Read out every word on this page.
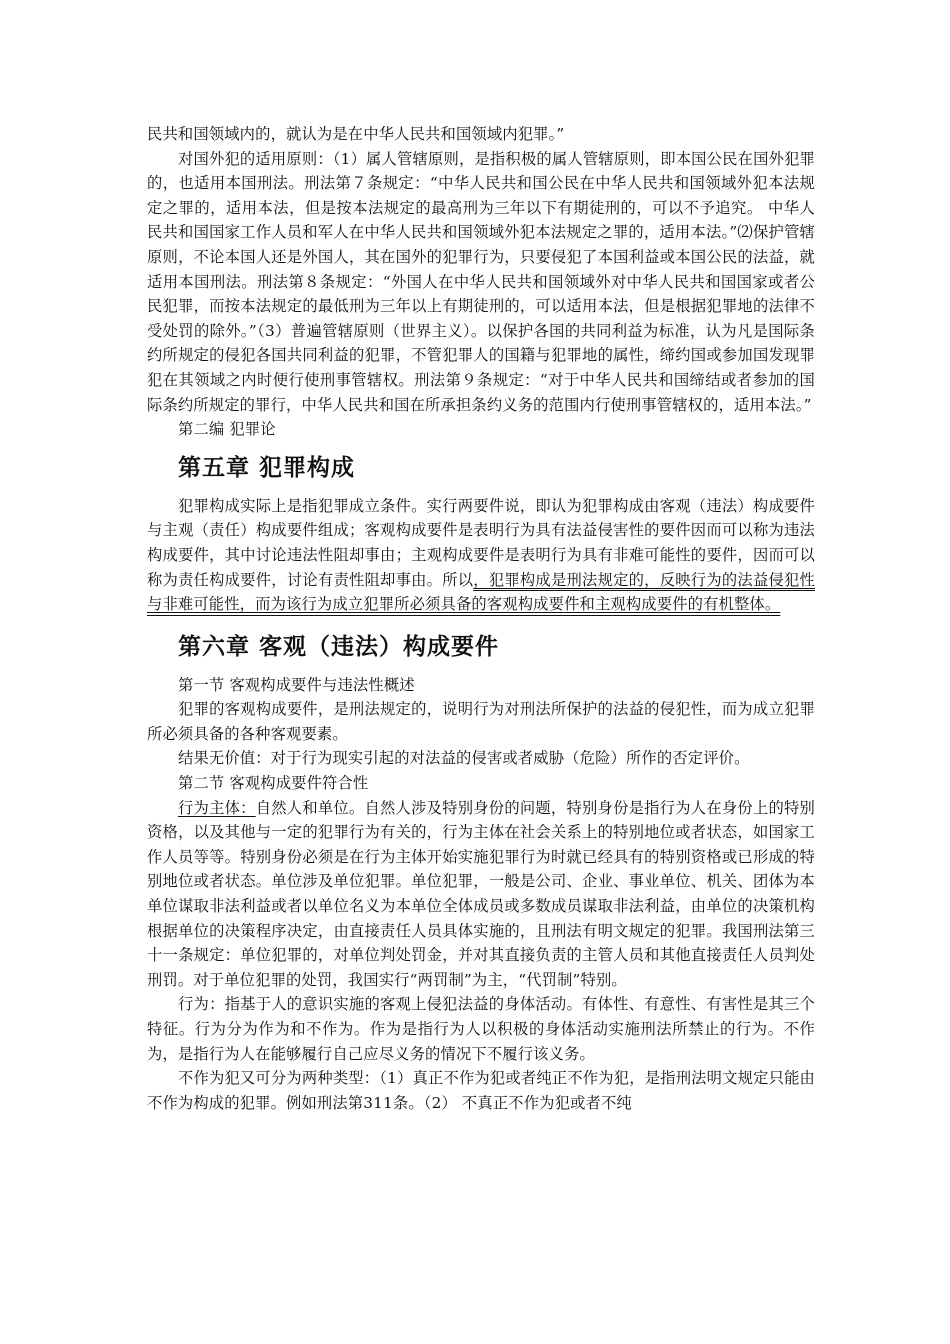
民共和国领域内的，就认为是在中华人民共和国领域内犯罪。”

对国外犯的适用原则：（1）属人管辖原则，是指积极的属人管辖原则，即本国公民在国外犯罪的，也适用本国刑法。刑法第７条规定：“中华人民共和国公民在中华人民共和国领域外犯本法规定之罪的，适用本法，但是按本法规定的最高刑为三年以下有期徒刑的，可以不予追究。 中华人民共和国国家工作人员和军人在中华人民共和国领域外犯本法规定之罪的，适用本法。”⑵保护管辖原则，不论本国人还是外国人，其在国外的犯罪行为，只要侵犯了本国利益或本国公民的法益，就适用本国刑法。刑法第８条规定：“外国人在中华人民共和国领域外对中华人民共和国国家或者公民犯罪，而按本法规定的最低刑为三年以上有期徒刑的，可以适用本法，但是根据犯罪地的法律不受处罚的除外。”（3）普遍管辖原则（世界主义）。以保护各国的共同利益为标准，认为凡是国际条约所规定的侵犯各国共同利益的犯罪，不管犯罪人的国籍与犯罪地的属性，缔约国或参加国发现罪犯在其领域之内时便行使刑事管辖权。刑法第９条规定：“对于中华人民共和国缔结或者参加的国际条约所规定的罪行，中华人民共和国在所承担条约义务的范围内行使刑事管辖权的，适用本法。”

第二编 犯罪论

第五章 犯罪构成

犯罪构成实际上是指犯罪成立条件。实行两要件说，即认为犯罪构成由客观（违法）构成要件与主观（责任）构成要件组成；客观构成要件是表明行为具有法益侵害性的要件因而可以称为违法构成要件，其中讨论违法性阻却事由；主观构成要件是表明行为具有非难可能性的要件，因而可以称为责任构成要件，讨论有责性阻却事由。所以，犯罪构成是刑法规定的，反映行为的法益侵犯性与非难可能性，而为该行为成立犯罪所必须具备的客观构成要件和主观构成要件的有机整体。

第六章 客观（违法）构成要件

第一节 客观构成要件与违法性概述

犯罪的客观构成要件，是刑法规定的，说明行为对刑法所保护的法益的侵犯性，而为成立犯罪所必须具备的各种客观要素。

结果无价值：对于行为现实引起的对法益的侵害或者威胁（危险）所作的否定评价。

第二节 客观构成要件符合性

行为主体：自然人和单位。自然人涉及特别身份的问题，特别身份是指行为人在身份上的特别资格，以及其他与一定的犯罪行为有关的，行为主体在社会关系上的特别地位或者状态，如国家工作人员等等。特别身份必须是在行为主体开始实施犯罪行为时就已经具有的特别资格或已形成的特别地位或者状态。单位涉及单位犯罪。单位犯罪，一般是公司、企业、事业单位、机关、团体为本单位谋取非法利益或者以单位名义为本单位全体成员或多数成员谋取非法利益，由单位的决策机构根据单位的决策程序决定，由直接责任人员具体实施的，且刑法有明文规定的犯罪。我国刑法第三十一条规定：单位犯罪的，对单位判处罚金，并对其直接负责的主管人员和其他直接责任人员判处刑罚。对于单位犯罪的处罚，我国实行“两罚制”为主，“代罚制”特别。

行为：指基于人的意识实施的客观上侵犯法益的身体活动。有体性、有意性、有害性是其三个特征。行为分为作为和不作为。作为是指行为人以积极的身体活动实施刑法所禁止的行为。不作为，是指行为人在能够履行自己应尽义务的情况下不履行该义务。

不作为犯又可分为两种类型：（1）真正不作为犯或者纯正不作为犯，是指刑法明文规定只能由不作为构成的犯罪。例如刑法第311条。（2） 不真正不作为犯或者不纯
